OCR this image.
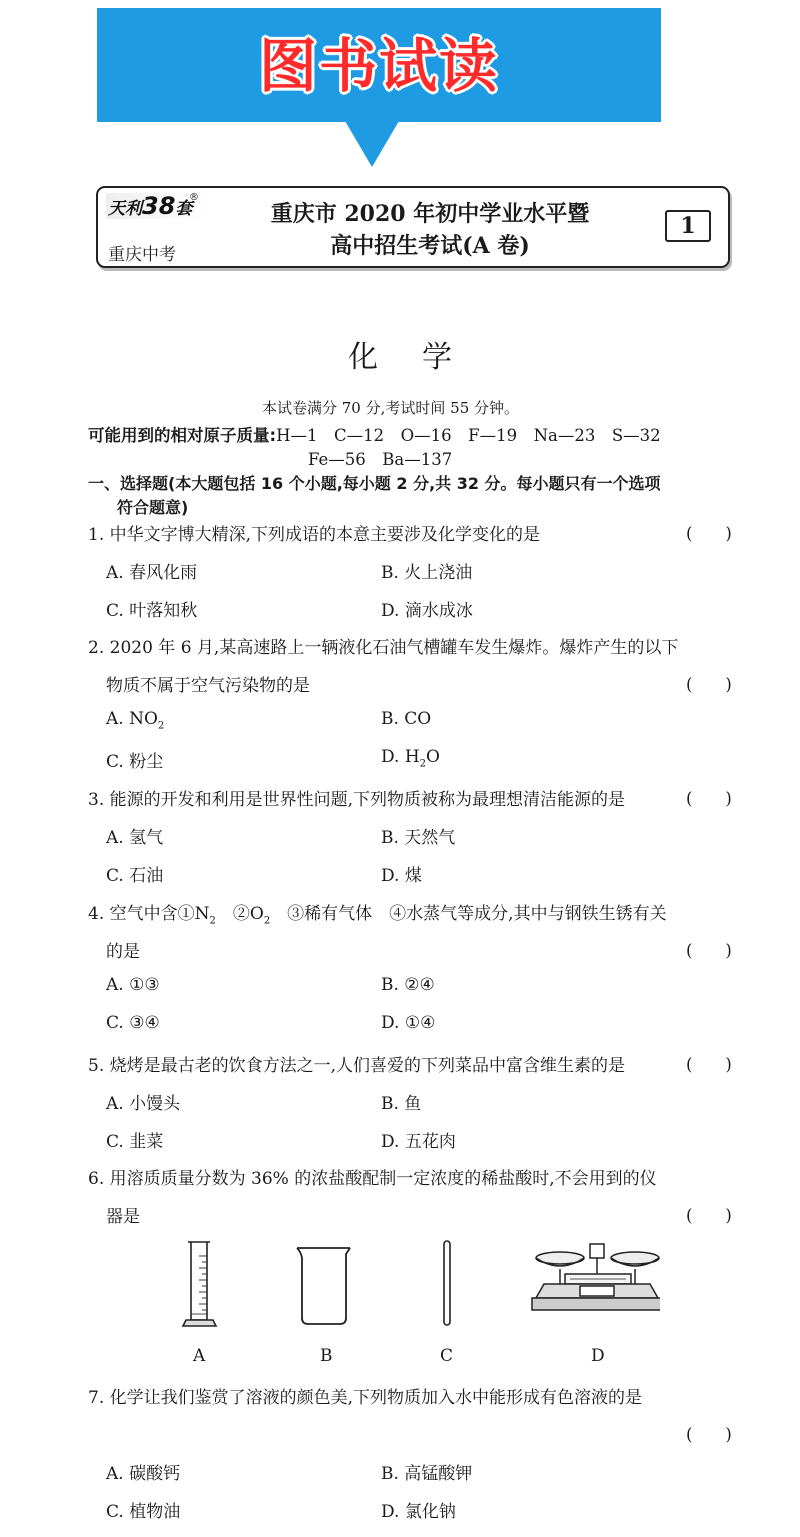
图书试读
天利38套
®
重庆中考
重庆市 2020 年初中学业水平暨
高中招生考试(A 卷)
1
化学
本试卷满分 70 分,考试时间 55 分钟。
可能用到的相对原子质量:H—1　C—12　O—16　F—19　Na—23　S—32
Fe—56　Ba—137
一、选择题(本大题包括 16 个小题,每小题 2 分,共 32 分。每小题只有一个选项
符合题意)
1. 中华文字博大精深,下列成语的本意主要涉及化学变化的是	(　　)
A. 春风化雨	B. 火上浇油
C. 叶落知秋	D. 滴水成冰
2. 2020 年 6 月,某高速路上一辆液化石油气槽罐车发生爆炸。爆炸产生的以下
物质不属于空气污染物的是	(　　)
A. $NO_2$	B. CO
C. 粉尘	D. $H_2O$
3. 能源的开发和利用是世界性问题,下列物质被称为最理想清洁能源的是	(　　)
A. 氢气	B. 天然气
C. 石油	D. 煤
4. 空气中含$①N_2$　$②O_2$　③稀有气体　④水蒸气等成分,其中与钢铁生锈有关
的是	(　　)
A. ①③	B. ②④
C. ③④	D. ①④
5. 烧烤是最古老的饮食方法之一,人们喜爱的下列菜品中富含维生素的是	(　　)
A. 小馒头	B. 鱼
C. 韭菜	D. 五花肉
6. 用溶质质量分数为 36% 的浓盐酸配制一定浓度的稀盐酸时,不会用到的仪
器是	(　　)
A	B	C	D
7. 化学让我们鉴赏了溶液的颜色美,下列物质加入水中能形成有色溶液的是
(　　)
A. 碳酸钙	B. 高锰酸钾
C. 植物油	D. 氯化钠
